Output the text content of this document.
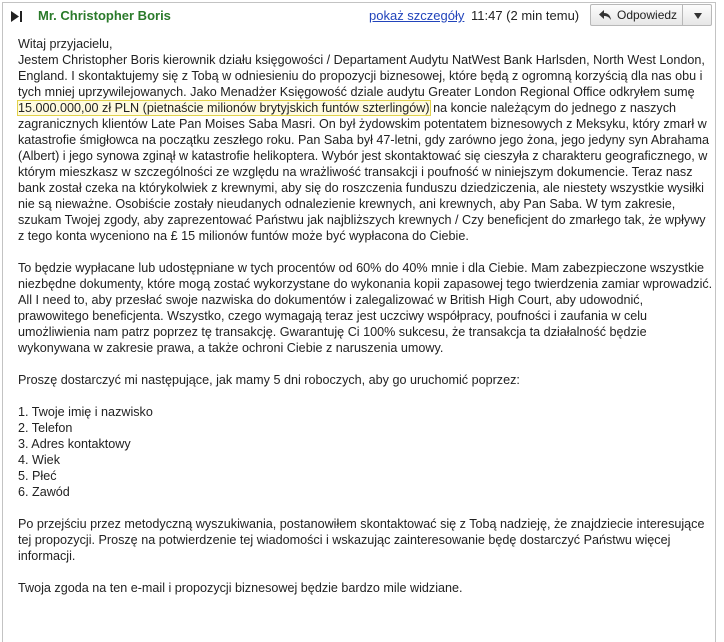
Mr. Christopher Boris	pokaż szczegóły 11:47 (2 min temu)	Odpowiedz

Witaj przyjacielu,

Jestem Christopher Boris kierownik działu księgowości / Departament Audytu NatWest Bank Harlsden, North West London, England. I skontaktujemy się z Tobą w odniesieniu do propozycji biznesowej, które będą z ogromną korzyścią dla nas obu i tych mniej uprzywilejowanych. Jako Menadżer Księgowość dziale audytu Greater London Regional Office odkryłem sumę 15.000.000,00 zł PLN (pietnaście milionów brytyjskich funtów szterlingów) na koncie należącym do jednego z naszych zagranicznych klientów Late Pan Moises Saba Masri. On był żydowskim potentatem biznesowych z Meksyku, który zmarł w katastrofie śmigłowca na początku zeszłego roku. Pan Saba był 47-letni, gdy zarówno jego żona, jego jedyny syn Abrahama (Albert) i jego synowa zginął w katastrofie helikoptera. Wybór jest skontaktować się cieszyła z charakteru geograficznego, w którym mieszkasz w szczególności ze względu na wrażliwość transakcji i poufność w niniejszym dokumencie. Teraz nasz bank został czeka na którykolwiek z krewnymi, aby się do roszczenia funduszu dziedziczenia, ale niestety wszystkie wysiłki nie są nieważne. Osobiście zostały nieudanych odnalezienie krewnych, ani krewnych, aby Pan Saba. W tym zakresie, szukam Twojej zgody, aby zaprezentować Państwu jak najbliższych krewnych / Czy beneficjent do zmarłego tak, że wpływy z tego konta wyceniono na £ 15 milionów funtów może być wypłacona do Ciebie.

To będzie wypłacane lub udostępniane w tych procentów od 60% do 40% mnie i dla Ciebie. Mam zabezpieczone wszystkie niezbędne dokumenty, które mogą zostać wykorzystane do wykonania kopii zapasowej tego twierdzenia zamiar wprowadzić. All I need to, aby przesłać swoje nazwiska do dokumentów i zalegalizować w British High Court, aby udowodnić, prawowitego beneficjenta. Wszystko, czego wymagają teraz jest uczciwy współpracy, poufności i zaufania w celu umożliwienia nam patrz poprzez tę transakcję. Gwarantuję Ci 100% sukcesu, że transakcja ta działalność będzie wykonywana w zakresie prawa, a także ochroni Ciebie z naruszenia umowy.

Proszę dostarczyć mi następujące, jak mamy 5 dni roboczych, aby go uruchomić poprzez:

1. Twoje imię i nazwisko
2. Telefon
3. Adres kontaktowy
4. Wiek
5. Płeć
6. Zawód

Po przejściu przez metodyczną wyszukiwania, postanowiłem skontaktować się z Tobą nadzieję, że znajdziecie interesujące tej propozycji. Proszę na potwierdzenie tej wiadomości i wskazując zainteresowanie będę dostarczyć Państwu więcej informacji.

Twoja zgoda na ten e-mail i propozycji biznesowej będzie bardzo mile widziane.
